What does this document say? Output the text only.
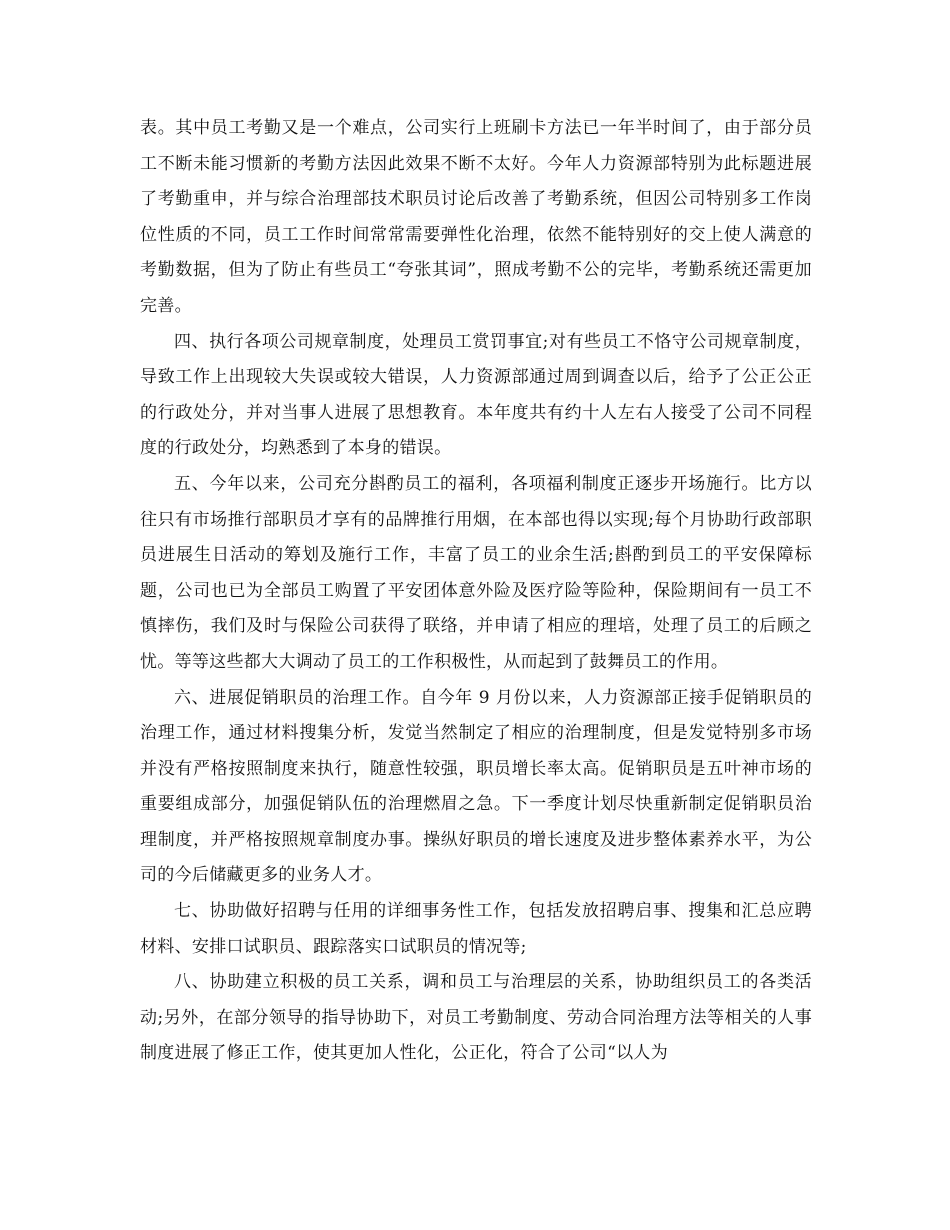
表。其中员工考勤又是一个难点，公司实行上班刷卡方法已一年半时间了，由于部分员工不断未能习惯新的考勤方法因此效果不断不太好。今年人力资源部特别为此标题进展了考勤重申，并与综合治理部技术职员讨论后改善了考勤系统，但因公司特别多工作岗位性质的不同，员工工作时间常常需要弹性化治理，依然不能特别好的交上使人满意的考勤数据，但为了防止有些员工“夸张其词”，照成考勤不公的完毕，考勤系统还需更加完善。

四、执行各项公司规章制度，处理员工赏罚事宜;对有些员工不恪守公司规章制度，导致工作上出现较大失误或较大错误，人力资源部通过周到调查以后，给予了公正公正的行政处分，并对当事人进展了思想教育。本年度共有约十人左右人接受了公司不同程度的行政处分，均熟悉到了本身的错误。

五、今年以来，公司充分斟酌员工的福利，各项福利制度正逐步开场施行。比方以往只有市场推行部职员才享有的品牌推行用烟，在本部也得以实现;每个月协助行政部职员进展生日活动的筹划及施行工作，丰富了员工的业余生活;斟酌到员工的平安保障标题，公司也已为全部员工购置了平安团体意外险及医疗险等险种，保险期间有一员工不慎摔伤，我们及时与保险公司获得了联络，并申请了相应的理培，处理了员工的后顾之忧。等等这些都大大调动了员工的工作积极性，从而起到了鼓舞员工的作用。

六、进展促销职员的治理工作。自今年 9 月份以来，人力资源部正接手促销职员的治理工作，通过材料搜集分析，发觉当然制定了相应的治理制度，但是发觉特别多市场并没有严格按照制度来执行，随意性较强，职员增长率太高。促销职员是五叶神市场的重要组成部分，加强促销队伍的治理燃眉之急。下一季度计划尽快重新制定促销职员治理制度，并严格按照规章制度办事。操纵好职员的增长速度及进步整体素养水平，为公司的今后储藏更多的业务人才。

七、协助做好招聘与任用的详细事务性工作，包括发放招聘启事、搜集和汇总应聘材料、安排口试职员、跟踪落实口试职员的情况等;

八、协助建立积极的员工关系，调和员工与治理层的关系，协助组织员工的各类活动;另外，在部分领导的指导协助下，对员工考勤制度、劳动合同治理方法等相关的人事制度进展了修正工作，使其更加人性化，公正化，符合了公司“以人为
